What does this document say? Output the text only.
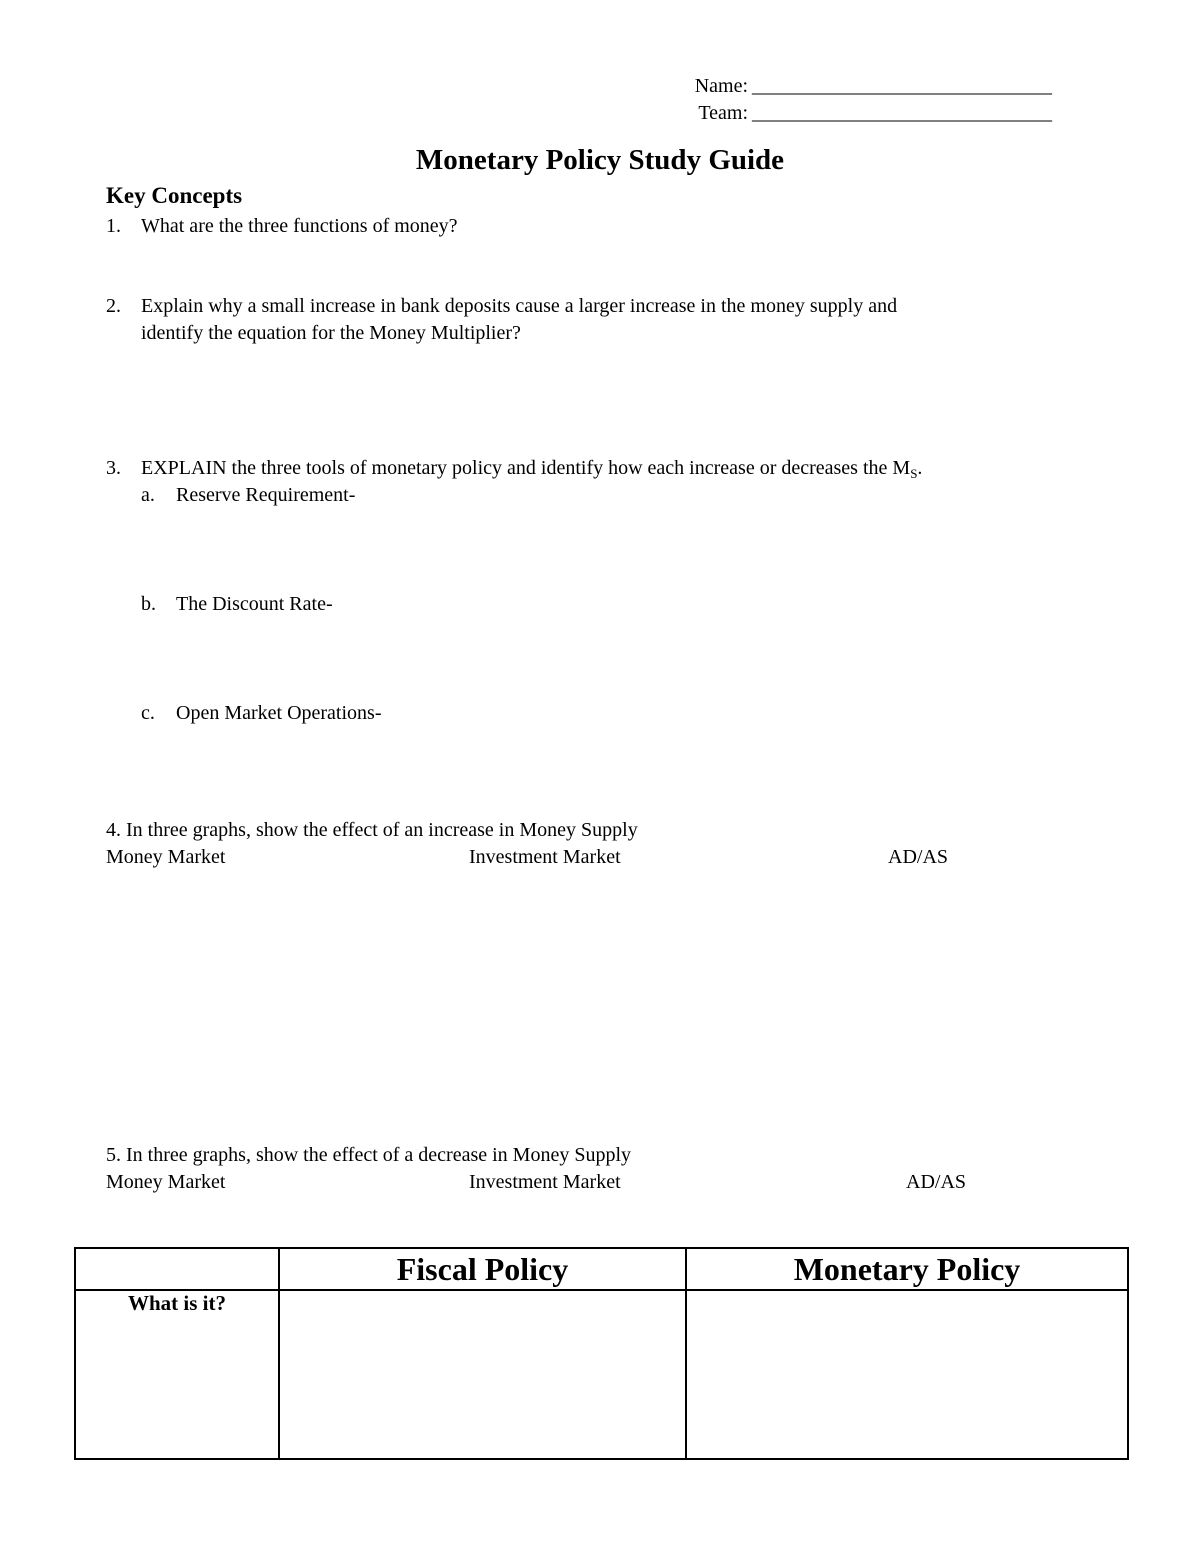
Name: ______________________________
Team: ______________________________
Monetary Policy Study Guide
Key Concepts
1. What are the three functions of money?
2. Explain why a small increase in bank deposits cause a larger increase in the money supply and
identify the equation for the Money Multiplier?
3. EXPLAIN the three tools of monetary policy and identify how each increase or decreases the $M_S$.
a. Reserve Requirement-
b. The Discount Rate-
c. Open Market Operations-
4. In three graphs, show the effect of an increase in Money Supply
Money Market	Investment Market	AD/AS
5. In three graphs, show the effect of a decrease in Money Supply
Money Market	Investment Market	AD/AS
	Fiscal Policy	Monetary Policy
What is it?		
